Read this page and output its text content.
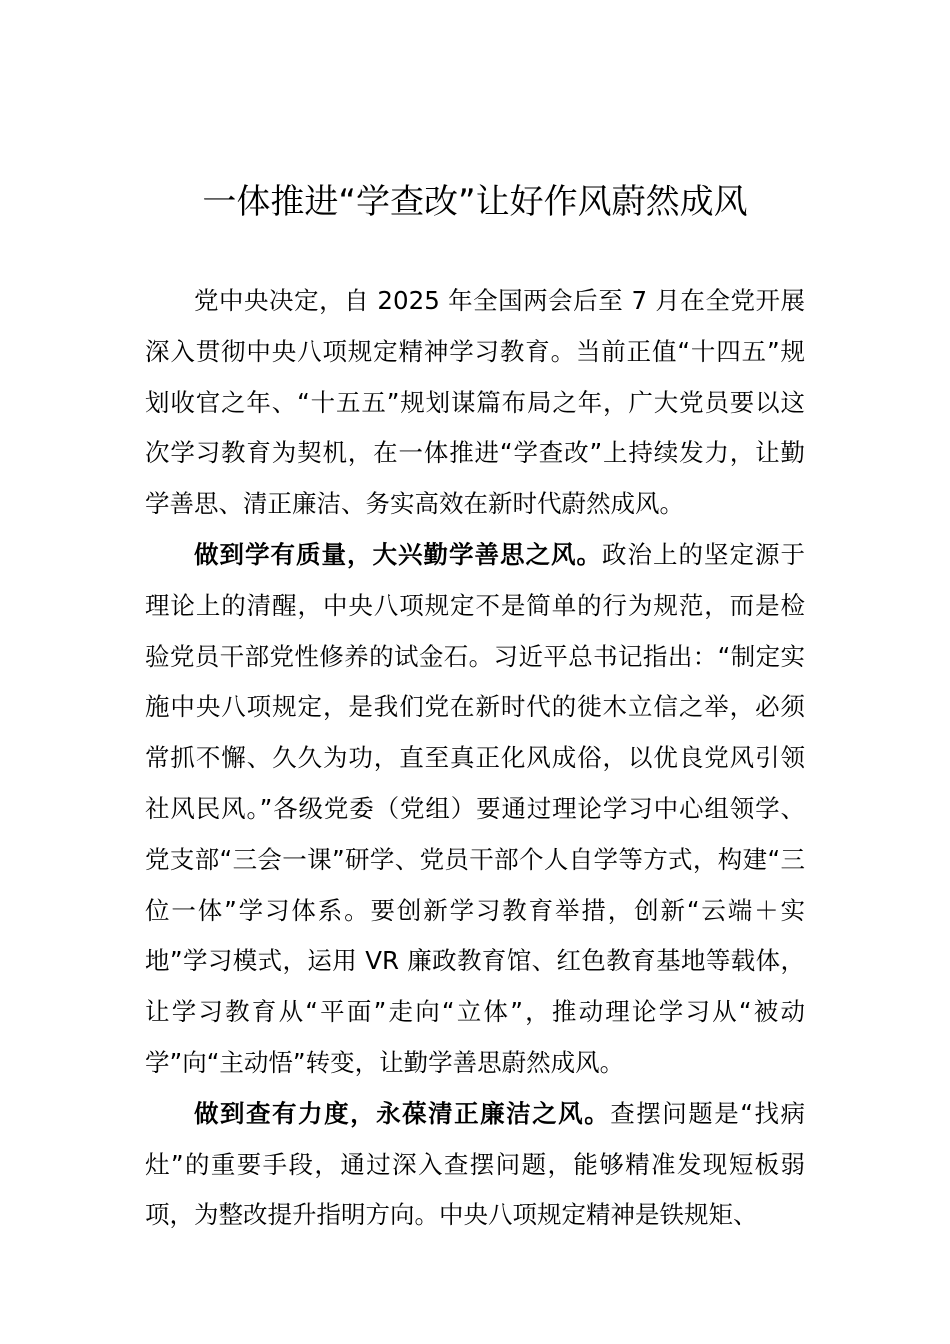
一体推进“学查改”让好作风蔚然成风

党中央决定，自 2025 年全国两会后至 7 月在全党开展深入贯彻中央八项规定精神学习教育。当前正值“十四五”规划收官之年、“十五五”规划谋篇布局之年，广大党员要以这次学习教育为契机，在一体推进“学查改”上持续发力，让勤学善思、清正廉洁、务实高效在新时代蔚然成风。

做到学有质量，大兴勤学善思之风。政治上的坚定源于理论上的清醒，中央八项规定不是简单的行为规范，而是检验党员干部党性修养的试金石。习近平总书记指出：“制定实施中央八项规定，是我们党在新时代的徙木立信之举，必须常抓不懈、久久为功，直至真正化风成俗，以优良党风引领社风民风。”各级党委（党组）要通过理论学习中心组领学、党支部“三会一课”研学、党员干部个人自学等方式，构建“三位一体”学习体系。要创新学习教育举措，创新“云端＋实地”学习模式，运用 VR 廉政教育馆、红色教育基地等载体，让学习教育从“平面”走向“立体”，推动理论学习从“被动学”向“主动悟”转变，让勤学善思蔚然成风。

做到查有力度，永葆清正廉洁之风。查摆问题是“找病灶”的重要手段，通过深入查摆问题，能够精准发现短板弱项，为整改提升指明方向。中央八项规定精神是铁规矩、
